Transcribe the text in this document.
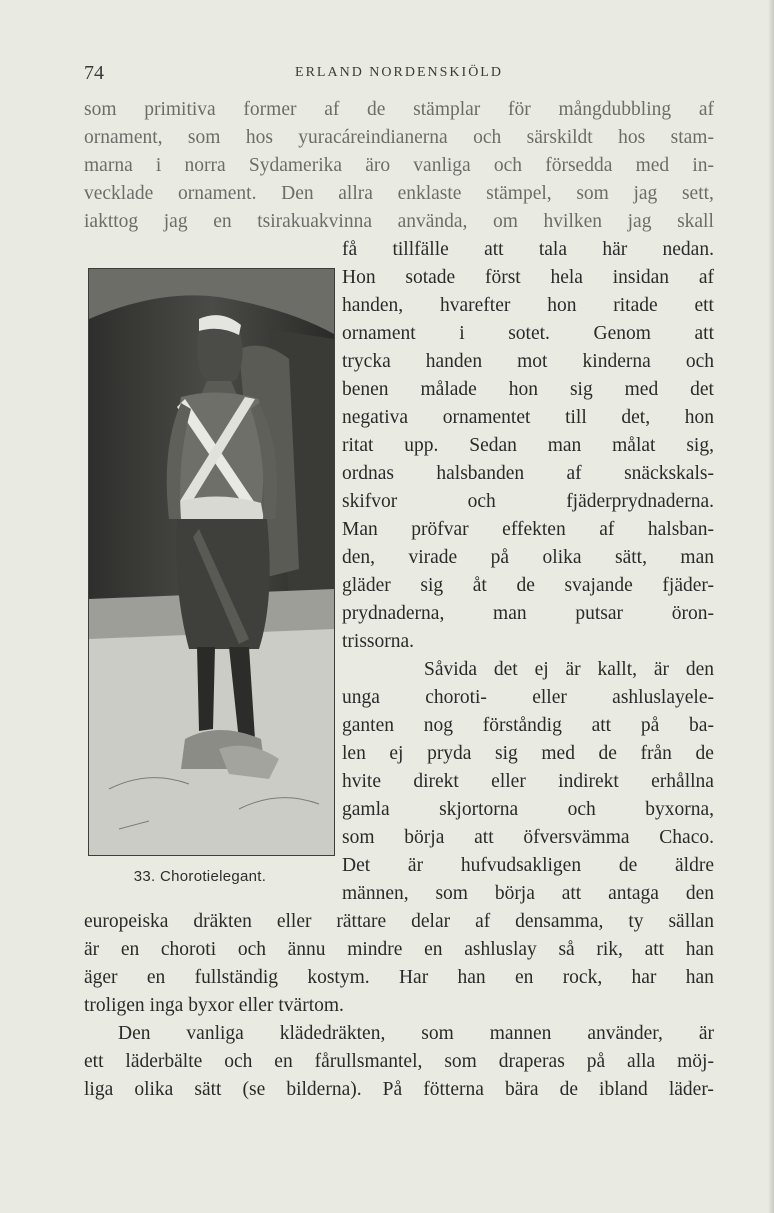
74	ERLAND NORDENSKIÖLD
som primitiva former af de stämplar för mångdubbling af
ornament, som hos yuracáreindianerna och särskildt hos stam-
marna i norra Sydamerika äro vanliga och försedda med in-
vecklade ornament. Den allra enklaste stämpel, som jag sett,
iakttog jag en tsirakuakvinna använda, om hvilken jag skall
få tillfälle att tala här nedan.
Hon sotade först hela insidan af
handen, hvarefter hon ritade ett
ornament i sotet. Genom att
trycka handen mot kinderna och
benen målade hon sig med det
negativa ornamentet till det, hon
ritat upp. Sedan man målat sig,
ordnas halsbanden af snäckskals-
skifvor	och	fjäderprydnaderna.
Man pröfvar effekten af halsban-
den, virade på olika sätt, man
gläder sig åt de svajande fjäder-
prydnaderna, man putsar öron-
trissorna.
Såvida det ej är kallt, är den
unga choroti- eller ashluslayele-
ganten nog förståndig att på ba-
len ej pryda sig med de från de
hvite direkt eller indirekt erhållna
gamla	skjortorna	och	byxorna,
som börja att öfversvämma Chaco.
Det är hufvudsakligen de äldre
männen, som börja att antaga den
europeiska dräkten eller rättare delar af densamma, ty sällan
är en choroti och ännu mindre en ashluslay så rik, att han
äger en fullständig kostym. Har han en rock, har han
troligen inga byxor eller tvärtom.
Den vanliga klädedräkten, som mannen använder, är
ett läderbälte och en fårullsmantel, som draperas på alla möj-
liga olika sätt (se bilderna). På fötterna bära de ibland läder-
33. Chorotielegant.
